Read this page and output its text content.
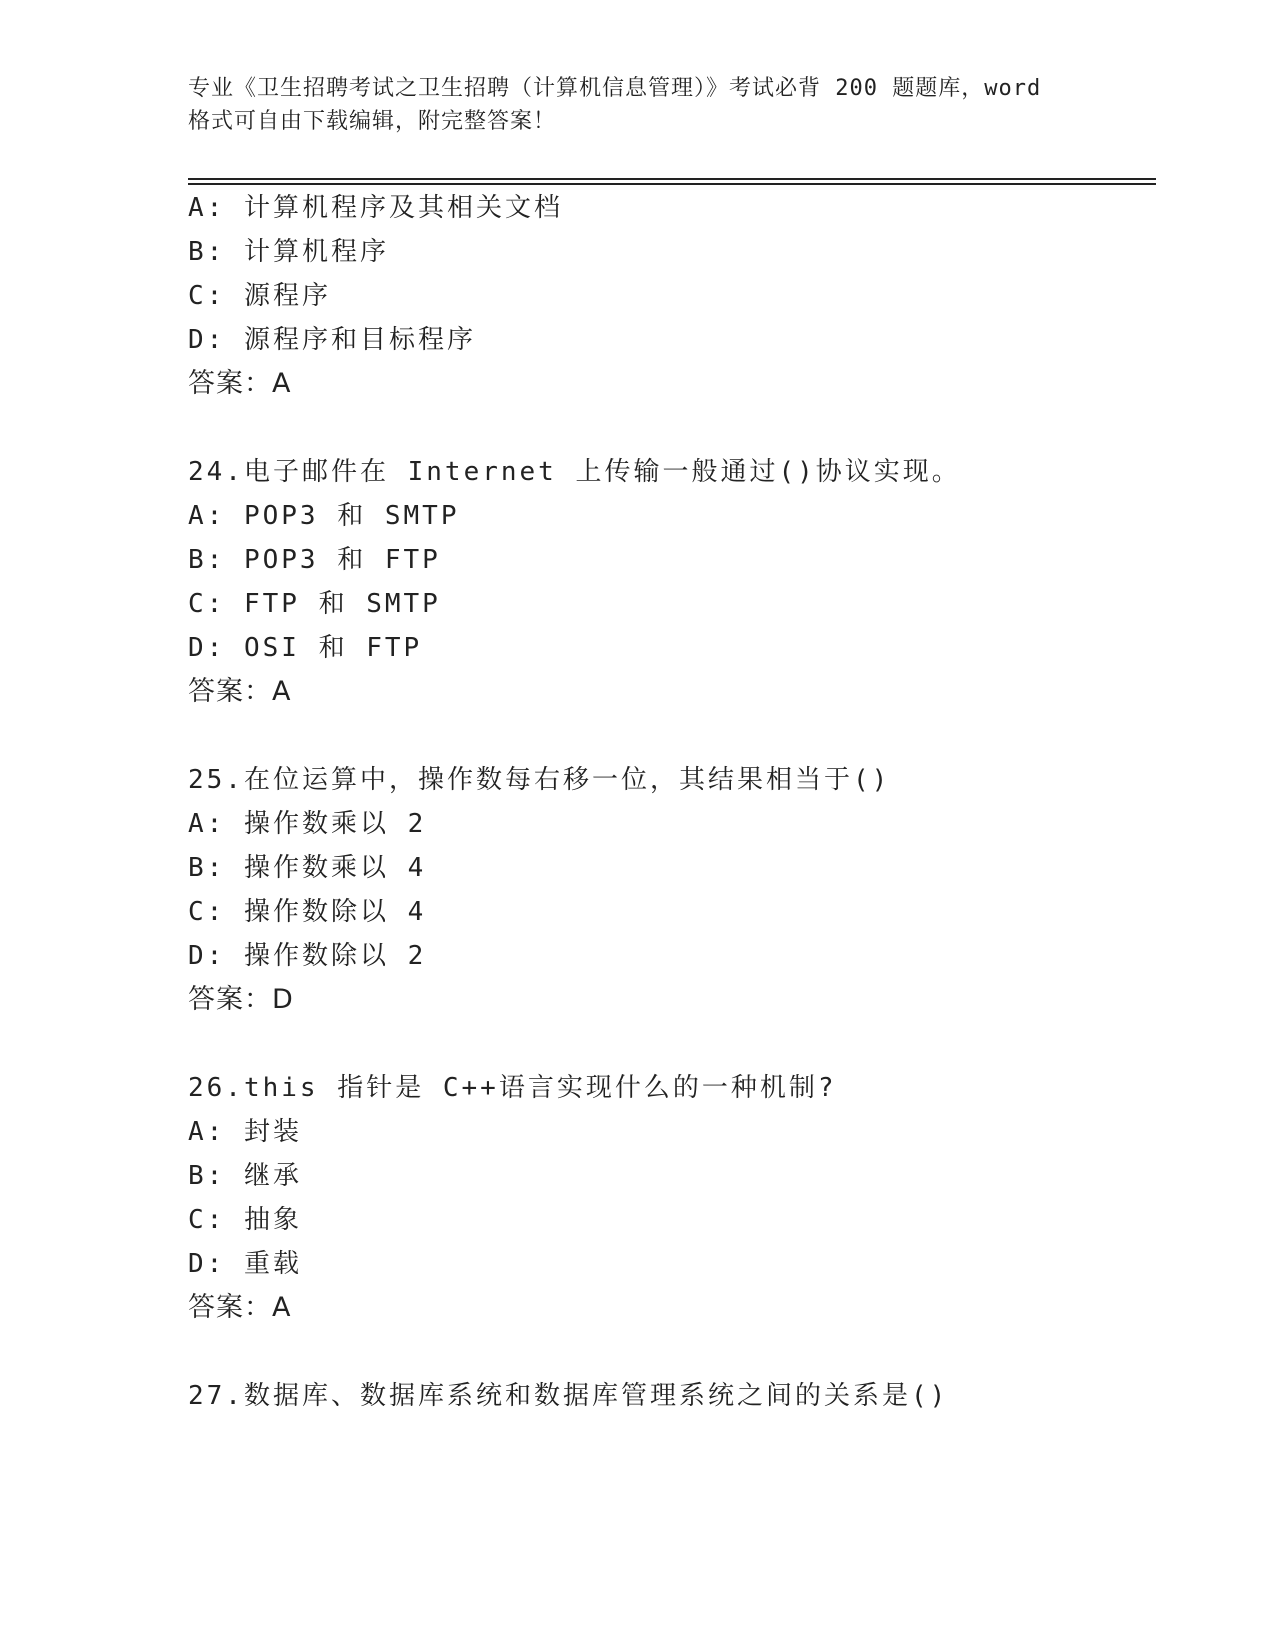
专业《卫生招聘考试之卫生招聘（计算机信息管理）》考试必背 200 题题库，word
格式可自由下载编辑，附完整答案！
A: 计算机程序及其相关文档
B: 计算机程序
C: 源程序
D: 源程序和目标程序
答案：A
24.电子邮件在 Internet 上传输一般通过()协议实现。
A: POP3 和 SMTP
B: POP3 和 FTP
C: FTP 和 SMTP
D: OSI 和 FTP
答案：A
25.在位运算中，操作数每右移一位，其结果相当于()
A: 操作数乘以 2
B: 操作数乘以 4
C: 操作数除以 4
D: 操作数除以 2
答案：D
26.this 指针是 C++语言实现什么的一种机制?
A: 封装
B: 继承
C: 抽象
D: 重载
答案：A
27.数据库、数据库系统和数据库管理系统之间的关系是()
